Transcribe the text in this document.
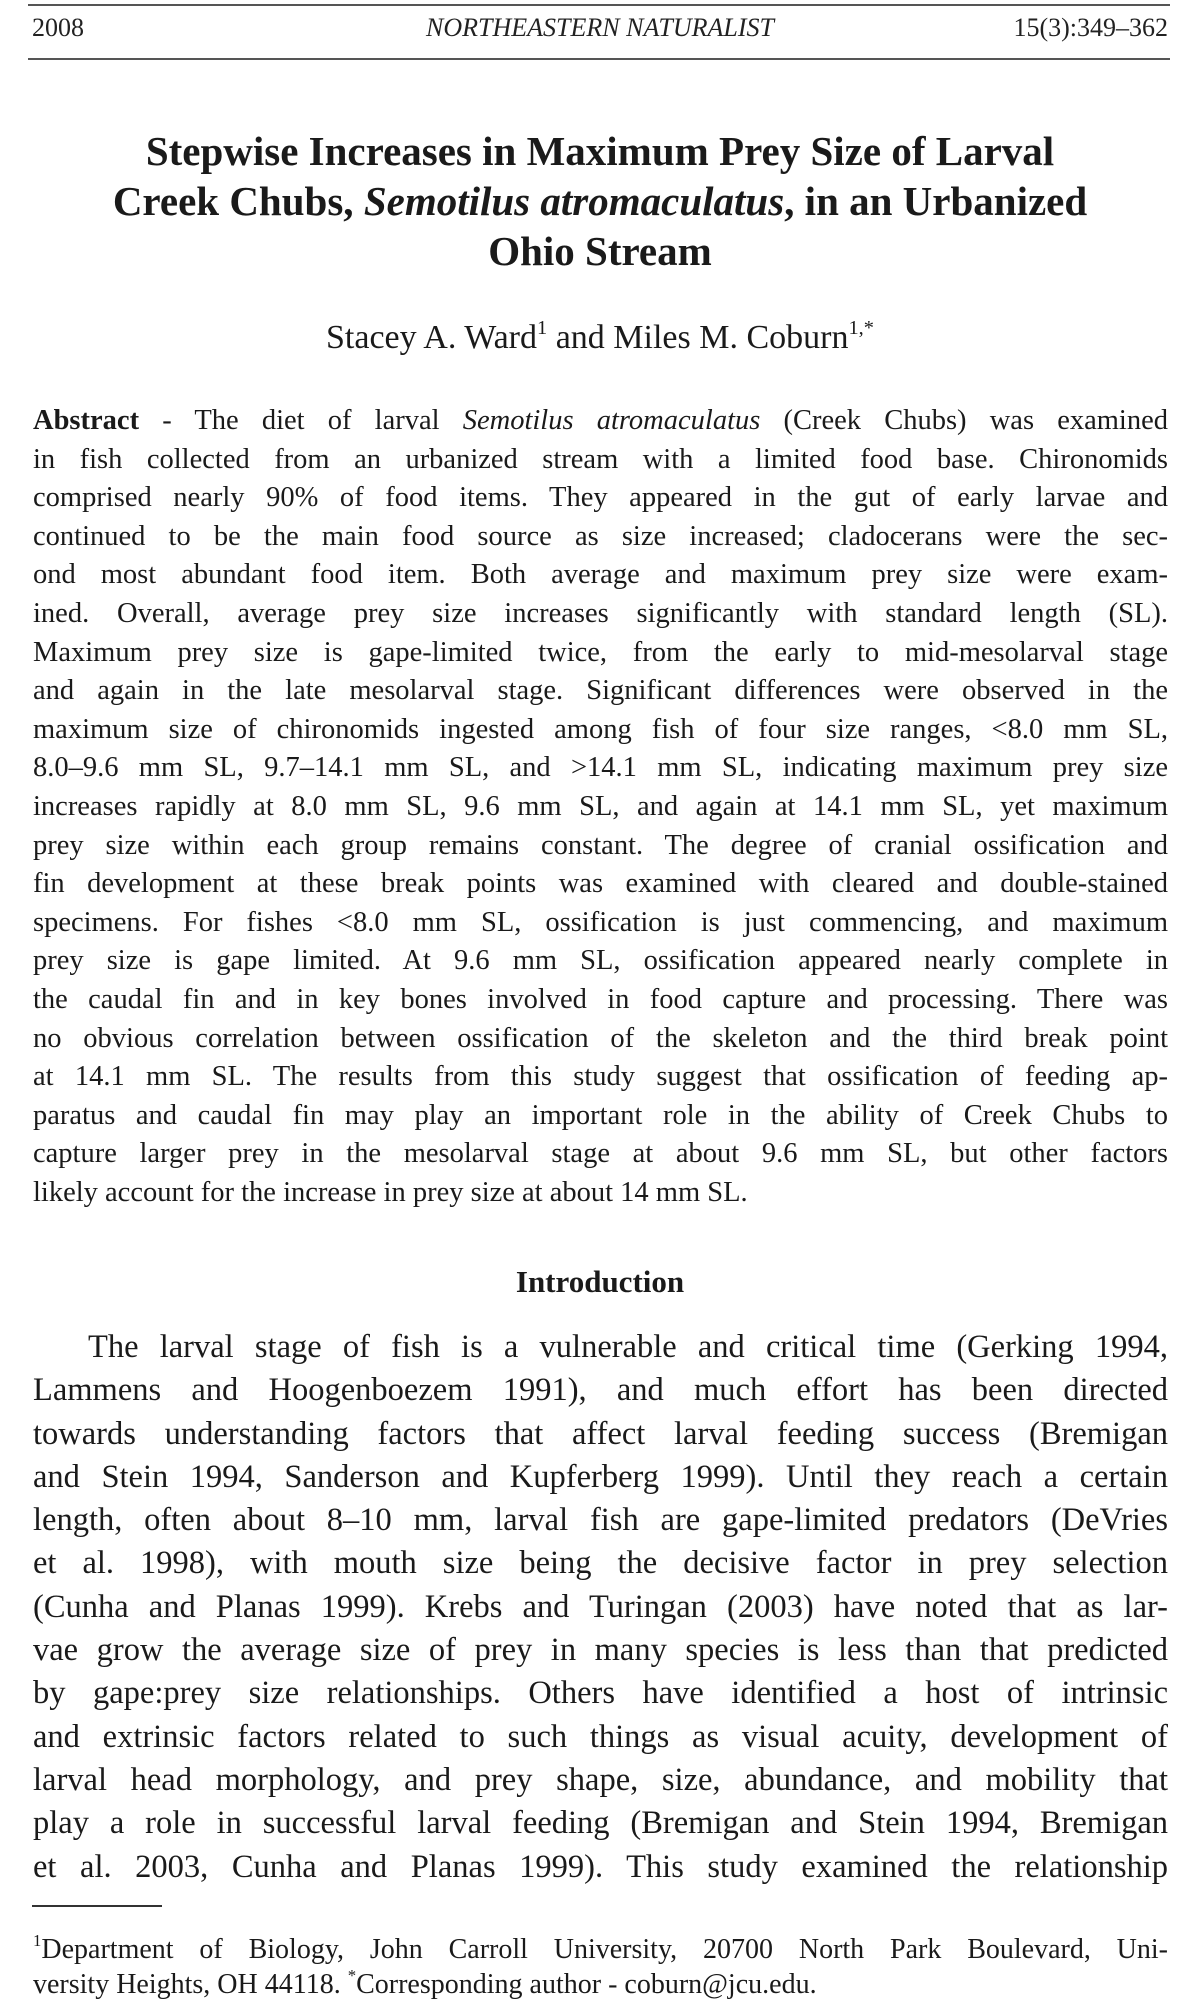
2008	NORTHEASTERN NATURALIST	15(3):349–362
Stepwise Increases in Maximum Prey Size of Larval
Creek Chubs, Semotilus atromaculatus, in an Urbanized
Ohio Stream
Stacey A. Ward$^1$ and Miles M. Coburn$^{1,*}$
Abstract - The diet of larval Semotilus atromaculatus (Creek Chubs) was examined
in fish collected from an urbanized stream with a limited food base. Chironomids
comprised nearly 90% of food items. They appeared in the gut of early larvae and
continued to be the main food source as size increased; cladocerans were the sec-
ond most abundant food item. Both average and maximum prey size were exam-
ined. Overall, average prey size increases significantly with standard length (SL).
Maximum prey size is gape-limited twice, from the early to mid-mesolarval stage
and again in the late mesolarval stage. Significant differences were observed in the
maximum size of chironomids ingested among fish of four size ranges, <8.0 mm SL,
8.0–9.6 mm SL, 9.7–14.1 mm SL, and >14.1 mm SL, indicating maximum prey size
increases rapidly at 8.0 mm SL, 9.6 mm SL, and again at 14.1 mm SL, yet maximum
prey size within each group remains constant. The degree of cranial ossification and
fin development at these break points was examined with cleared and double-stained
specimens. For fishes <8.0 mm SL, ossification is just commencing, and maximum
prey size is gape limited. At 9.6 mm SL, ossification appeared nearly complete in
the caudal fin and in key bones involved in food capture and processing. There was
no obvious correlation between ossification of the skeleton and the third break point
at 14.1 mm SL. The results from this study suggest that ossification of feeding ap-
paratus and caudal fin may play an important role in the ability of Creek Chubs to
capture larger prey in the mesolarval stage at about 9.6 mm SL, but other factors
likely account for the increase in prey size at about 14 mm SL.
Introduction
The larval stage of fish is a vulnerable and critical time (Gerking 1994,
Lammens and Hoogenboezem 1991), and much effort has been directed
towards understanding factors that affect larval feeding success (Bremigan
and Stein 1994, Sanderson and Kupferberg 1999). Until they reach a certain
length, often about 8–10 mm, larval fish are gape-limited predators (DeVries
et al. 1998), with mouth size being the decisive factor in prey selection
(Cunha and Planas 1999). Krebs and Turingan (2003) have noted that as lar-
vae grow the average size of prey in many species is less than that predicted
by gape:prey size relationships. Others have identified a host of intrinsic
and extrinsic factors related to such things as visual acuity, development of
larval head morphology, and prey shape, size, abundance, and mobility that
play a role in successful larval feeding (Bremigan and Stein 1994, Bremigan
et al. 2003, Cunha and Planas 1999). This study examined the relationship
$^1$Department of Biology, John Carroll University, 20700 North Park Boulevard, Uni-
versity Heights, OH 44118. *Corresponding author - coburn@jcu.edu.
